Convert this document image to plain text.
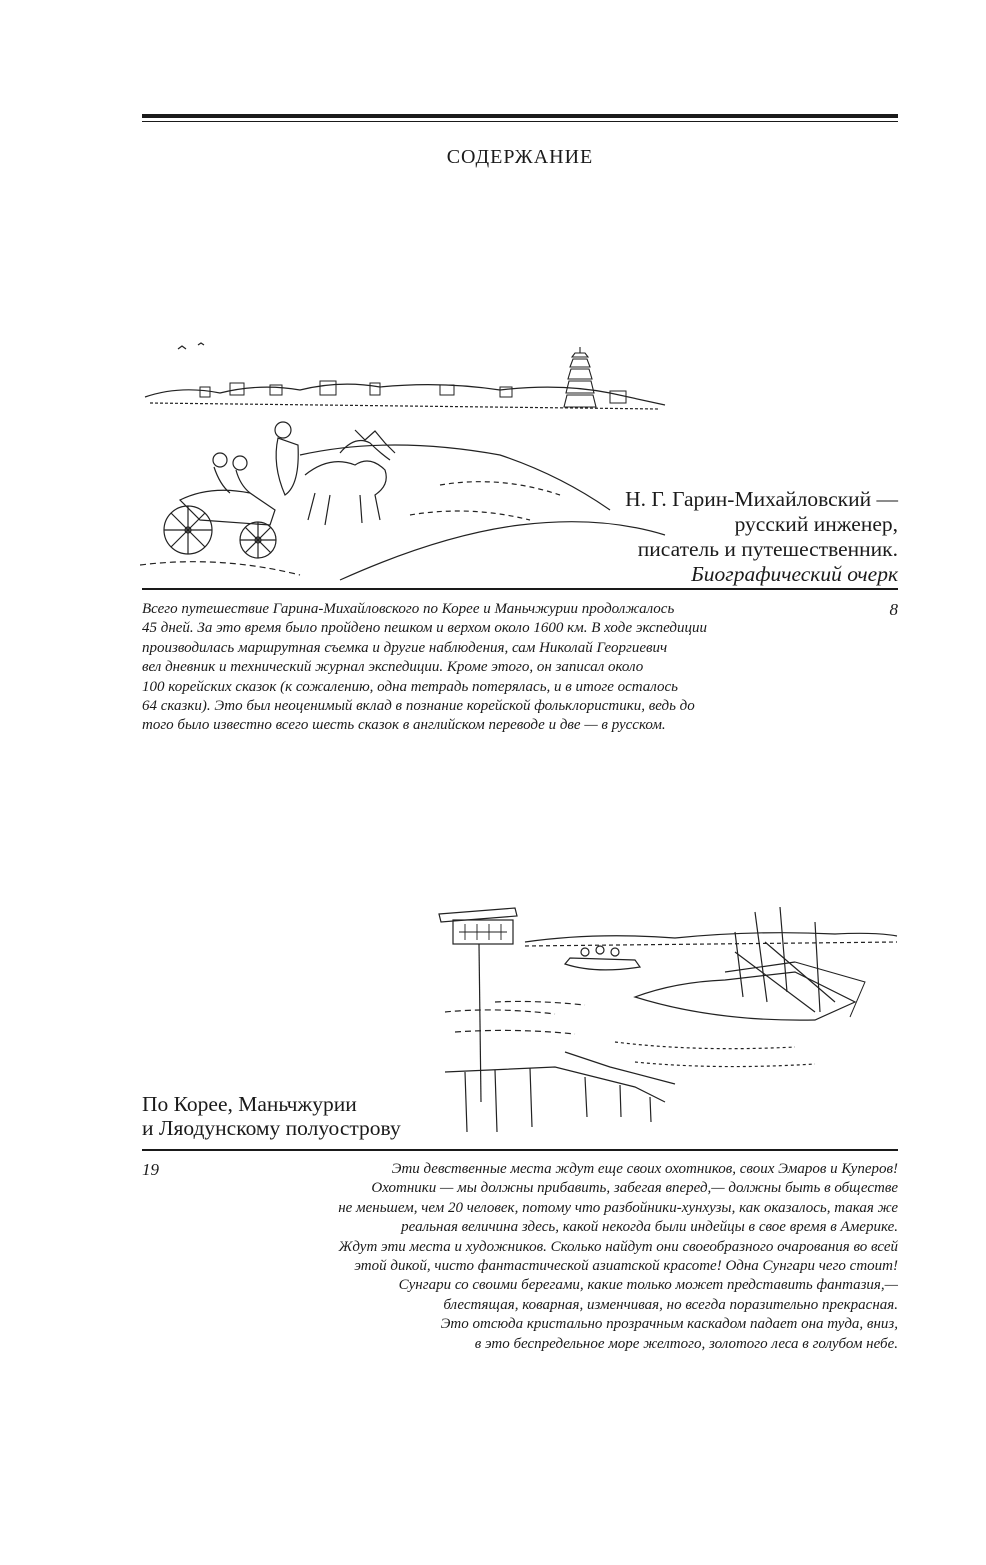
СОДЕРЖАНИЕ
Н. Г. Гарин-Михайловский —
русский инженер,
писатель и путешественник.
Биографический очерк
8
Всего путешествие Гарина-Михайловского по Корее и Маньчжурии продолжалось
45 дней. За это время было пройдено пешком и верхом около 1600 км. В ходе экспедиции
производилась маршрутная съемка и другие наблюдения, сам Николай Георгиевич
вел дневник и технический журнал экспедиции. Кроме этого, он записал около
100 корейских сказок (к сожалению, одна тетрадь потерялась, и в итоге осталось
64 сказки). Это был неоценимый вклад в познание корейской фольклористики, ведь до
того было известно всего шесть сказок в английском переводе и две — в русском.
По Корее, Маньчжурии
и Ляодунскому полуострову
19	Эти девственные места ждут еще своих охотников, своих Эмаров и Куперов!
Охотники — мы должны прибавить, забегая вперед,— должны быть в обществе
не меньшем, чем 20 человек, потому что разбойники-хунхузы, как оказалось, такая же
реальная величина здесь, какой некогда были индейцы в свое время в Америке.
Ждут эти места и художников. Сколько найдут они своеобразного очарования во всей
этой дикой, чисто фантастической азиатской красоте! Одна Сунгари чего стоит!
Сунгари со своими берегами, какие только может представить фантазия,—
блестящая, коварная, изменчивая, но всегда поразительно прекрасная.
Это отсюда кристально прозрачным каскадом падает она туда, вниз,
в это беспредельное море желтого, золотого леса в голубом небе.
